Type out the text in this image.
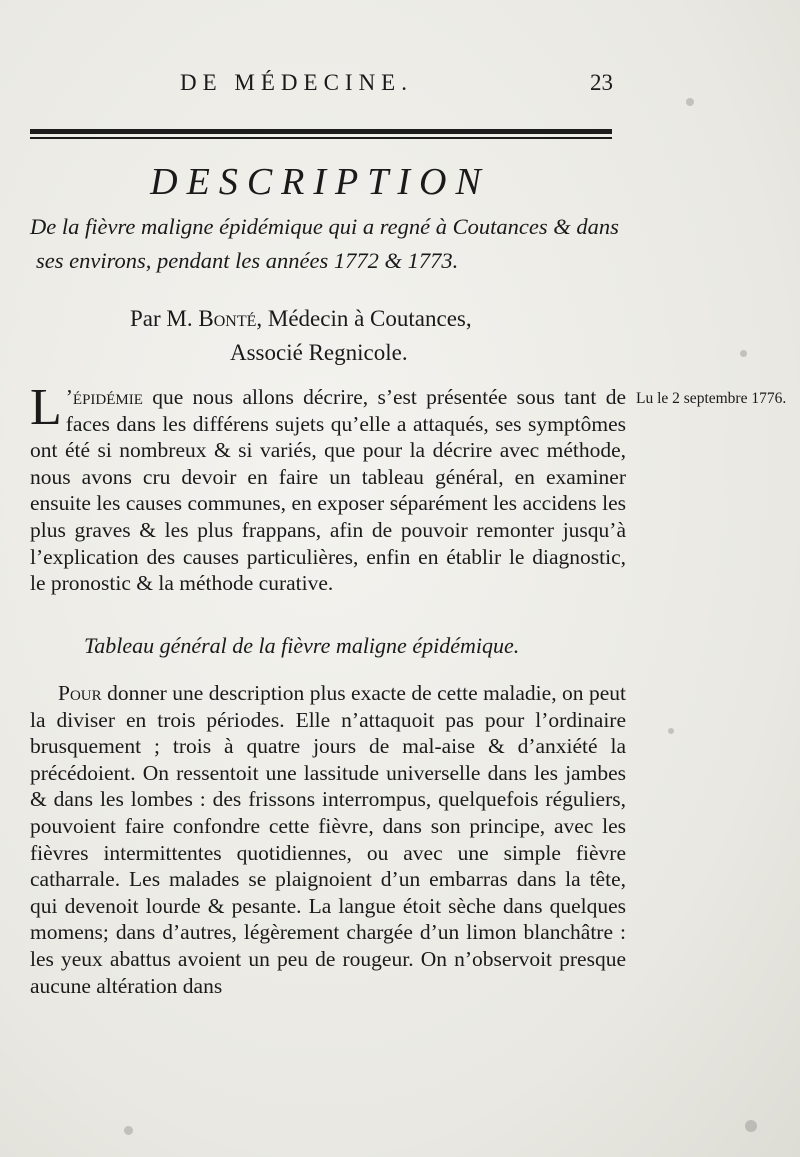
DE MÉDECINE.	23
DESCRIPTION
De la fièvre maligne épidémique qui a regné à Coutances & dans ses environs, pendant les années 1772 & 1773.
Par M. Bonté, Médecin à Coutances,
Associé Regnicole.
L ’épidémie que nous allons décrire, s’est présentée sous tant de faces dans les différens sujets qu’elle a attaqués, ses symptômes ont été si nombreux & si variés, que pour la décrire avec méthode, nous avons cru devoir en faire un tableau général, en examiner ensuite les causes communes, en exposer séparément les accidens les plus graves & les plus frappans, afin de pouvoir remonter jusqu’à l’explication des causes particulières, enfin en établir le diagnostic, le pronostic & la méthode curative.
Lu le 2 septembre 1776.
Tableau général de la fièvre maligne épidémique.
Pour donner une description plus exacte de cette maladie, on peut la diviser en trois périodes. Elle n’attaquoit pas pour l’ordinaire brusquement ; trois à quatre jours de mal-aise & d’anxiété la précédoient. On ressentoit une lassitude universelle dans les jambes & dans les lombes : des frissons interrompus, quelquefois réguliers, pouvoient faire confondre cette fièvre, dans son principe, avec les fièvres intermittentes quotidiennes, ou avec une simple fièvre catharrale. Les malades se plaignoient d’un embarras dans la tête, qui devenoit lourde & pesante. La langue étoit sèche dans quelques momens; dans d’autres, légèrement chargée d’un limon blanchâtre : les yeux abattus avoient un peu de rougeur. On n’observoit presque aucune altération dans
